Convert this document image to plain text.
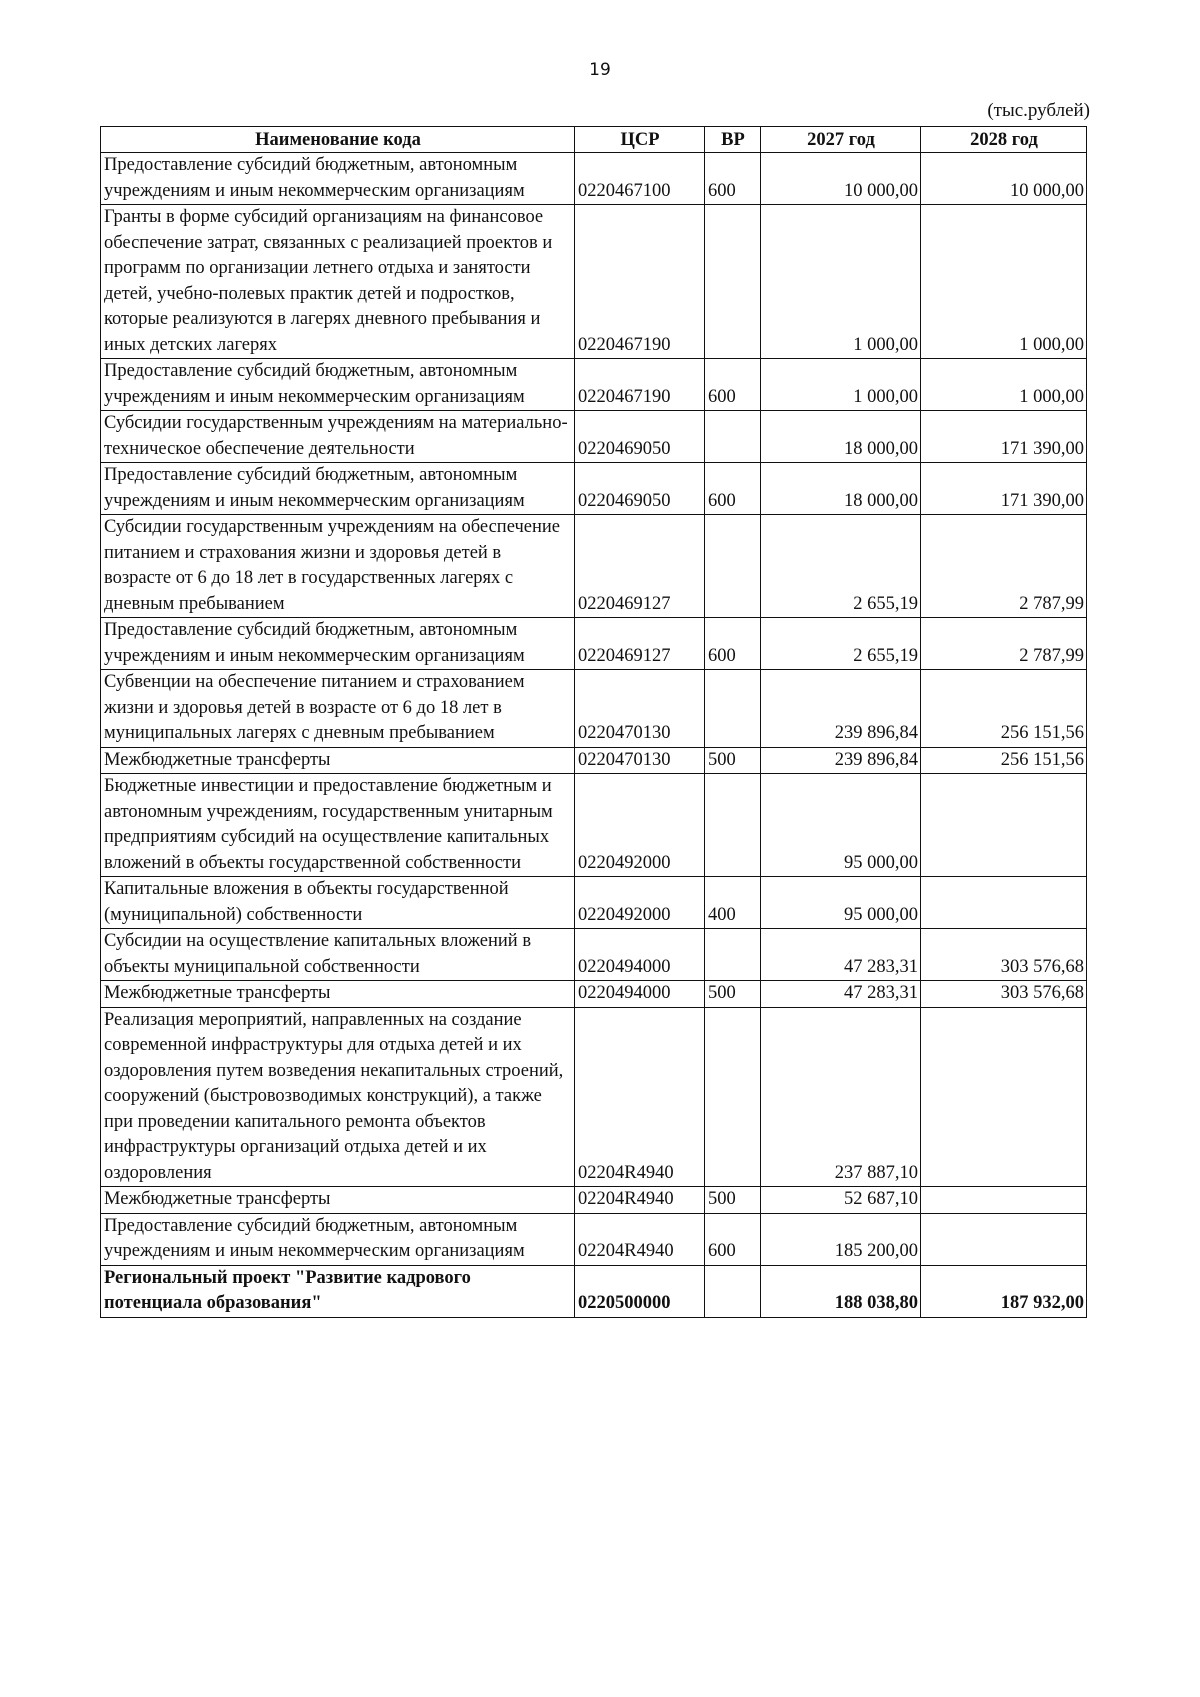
19
(тыс.рублей)
Наименование кода	ЦСР	ВР	2027 год	2028 год
Предоставление субсидий бюджетным, автономным учреждениям и иным некоммерческим организациям	0220467100	600	10 000,00	10 000,00
Гранты в форме субсидий организациям на финансовое обеспечение затрат, связанных с реализацией проектов и программ по организации летнего отдыха и занятости детей, учебно-полевых практик детей и подростков, которые реализуются в лагерях дневного пребывания и иных детских лагерях	0220467190		1 000,00	1 000,00
Предоставление субсидий бюджетным, автономным учреждениям и иным некоммерческим организациям	0220467190	600	1 000,00	1 000,00
Субсидии государственным учреждениям на материально-техническое обеспечение деятельности	0220469050		18 000,00	171 390,00
Предоставление субсидий бюджетным, автономным учреждениям и иным некоммерческим организациям	0220469050	600	18 000,00	171 390,00
Субсидии государственным учреждениям на обеспечение питанием и страхования жизни и здоровья детей в возрасте от 6 до 18 лет в государственных лагерях с дневным пребыванием	0220469127		2 655,19	2 787,99
Предоставление субсидий бюджетным, автономным учреждениям и иным некоммерческим организациям	0220469127	600	2 655,19	2 787,99
Субвенции на обеспечение питанием и страхованием жизни и здоровья детей в возрасте от 6 до 18 лет в муниципальных лагерях с дневным пребыванием	0220470130		239 896,84	256 151,56
Межбюджетные трансферты	0220470130	500	239 896,84	256 151,56
Бюджетные инвестиции и предоставление бюджетным и автономным учреждениям, государственным унитарным предприятиям субсидий на осуществление капитальных вложений в объекты государственной собственности	0220492000		95 000,00	
Капитальные вложения в объекты государственной (муниципальной) собственности	0220492000	400	95 000,00	
Субсидии на осуществление капитальных вложений в объекты муниципальной собственности	0220494000		47 283,31	303 576,68
Межбюджетные трансферты	0220494000	500	47 283,31	303 576,68
Реализация мероприятий, направленных на создание современной инфраструктуры для отдыха детей и их оздоровления путем возведения некапитальных строений, сооружений (быстровозводимых конструкций), а также при проведении капитального ремонта объектов инфраструктуры организаций отдыха детей и их оздоровления	02204R4940		237 887,10	
Межбюджетные трансферты	02204R4940	500	52 687,10	
Предоставление субсидий бюджетным, автономным учреждениям и иным некоммерческим организациям	02204R4940	600	185 200,00	
Региональный проект "Развитие кадрового потенциала образования"	0220500000		188 038,80	187 932,00
